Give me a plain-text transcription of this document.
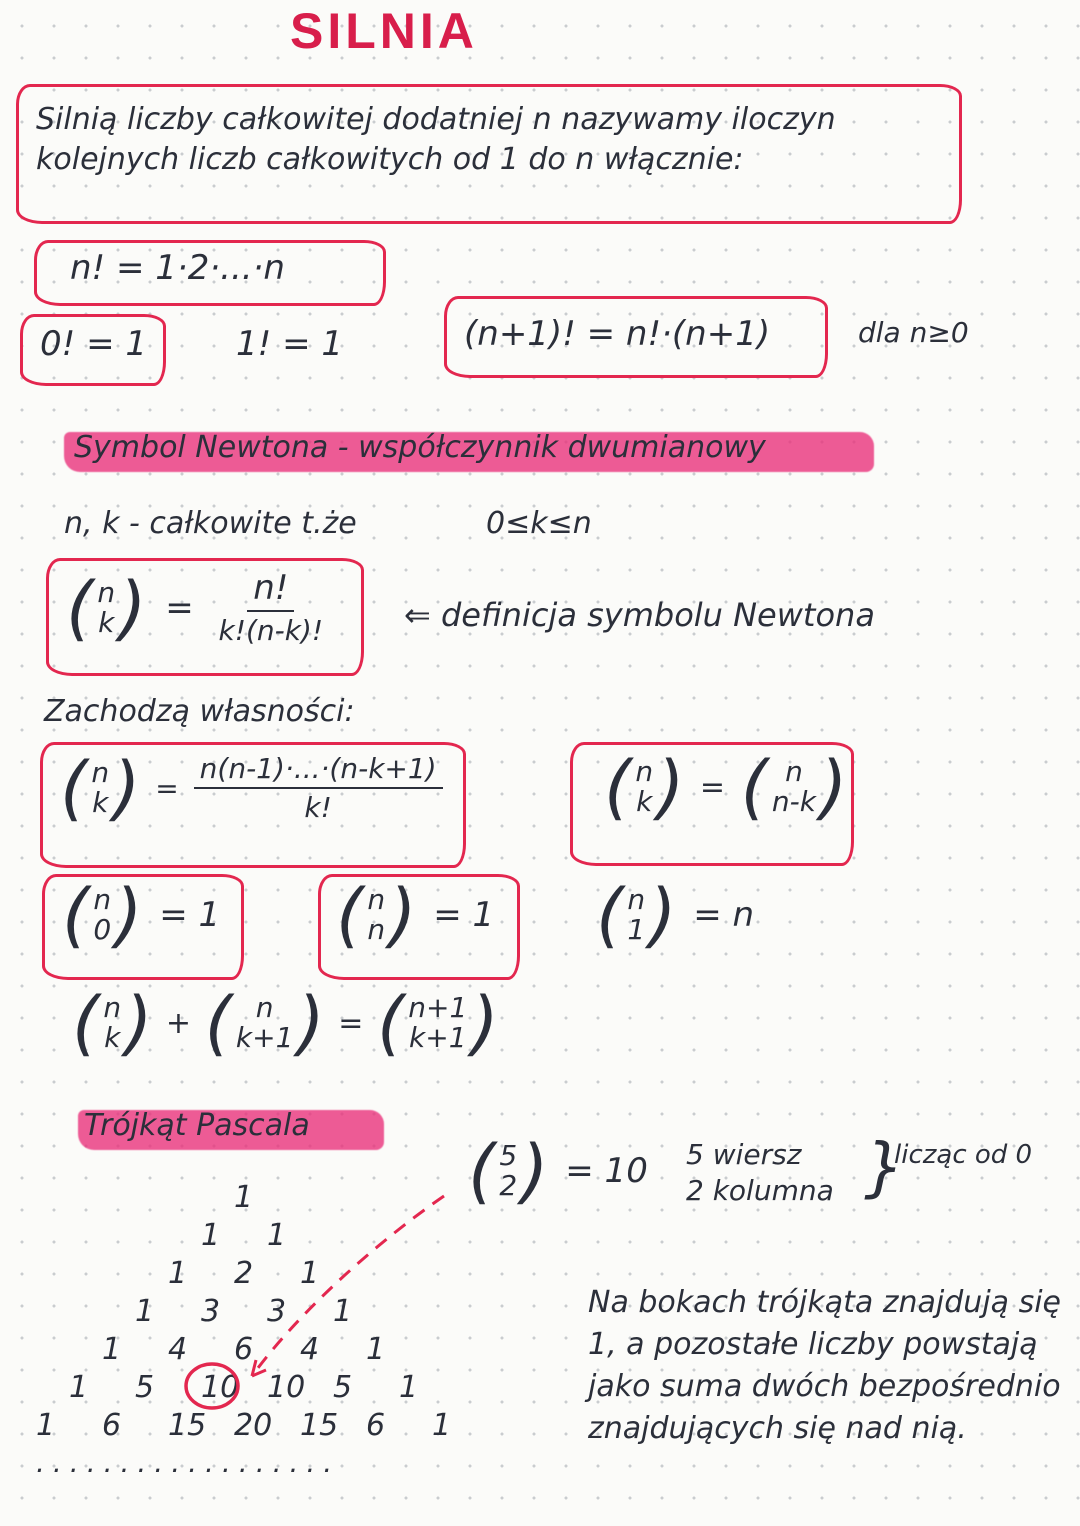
SILNIA
Silnią liczby całkowitej dodatniej n nazywamy iloczyn kolejnych liczb całkowitych od 1 do n włącznie:
n! = 1·2·...·n
0! = 1	1! = 1	(n+1)! = n!·(n+1)	dla n≥0
Symbol Newtona - współczynnik dwumianowy
n, k - całkowite t.że	0≤k≤n
( n
k ) = $\frac{n!}{k!(n-k)!}$ ⇐ definicja symbolu Newtona
Zachodzą własności:
( n
k ) = $\frac{n(n-1)\cdot...\cdot(n-k+1)}{k!}$ ( n
k ) = ( n
n-k )
( n
0 ) = 1 ( n
n ) = 1 ( n
1 ) = n
( n
k ) + ( n
k+1 ) = ( n+1
k+1 )
Trójkąt Pascala
( 5
2 ) = 10 5 wiersz
2 kolumna }
licząc od 0
1
1 1
1 2 1
1 3 3 1
1 4 6 4 1
1 5 10 10 5 1
1 6 15 20 15 6 1
..................
Na bokach trójkąta znajdują się 1, a pozostałe liczby powstają jako suma dwóch bezpośrednio znajdujących się nad nią.
